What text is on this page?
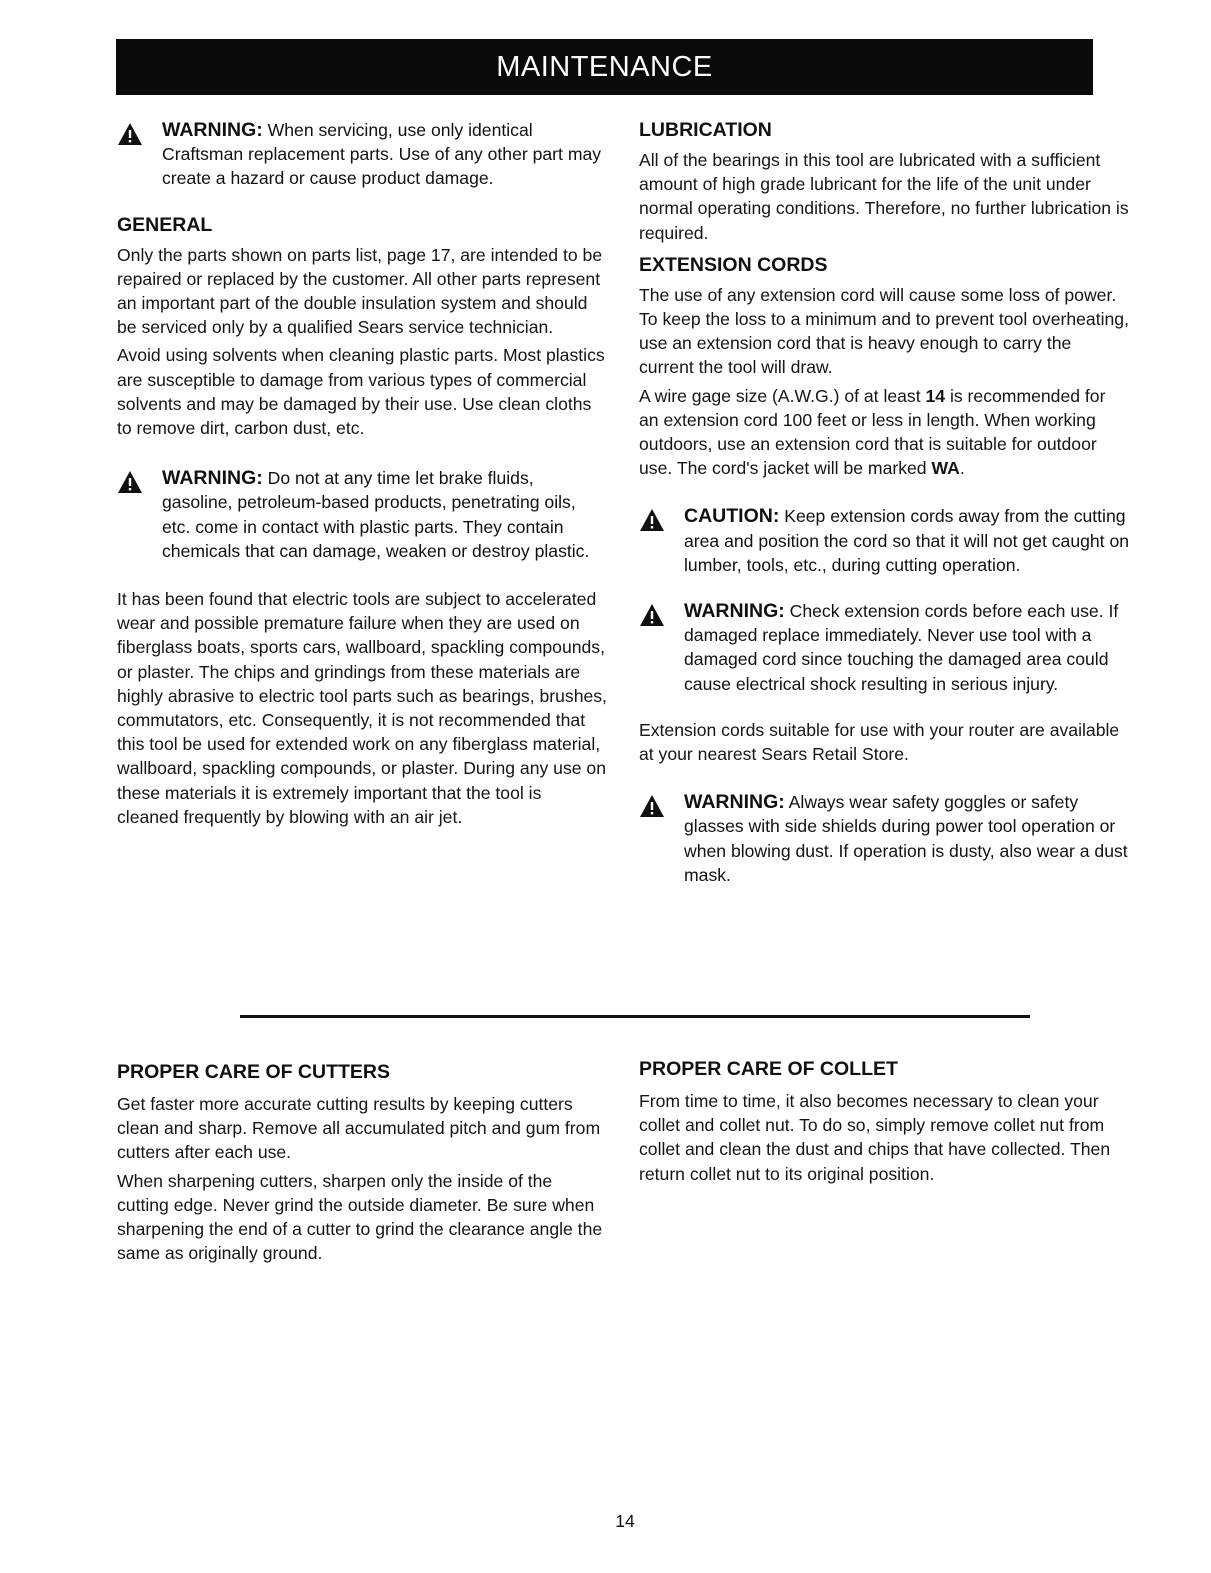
MAINTENANCE
WARNING: When servicing, use only identical Craftsman replacement parts. Use of any other part may create a hazard or cause product damage.
GENERAL

Only the parts shown on parts list, page 17, are intended to be repaired or replaced by the customer. All other parts represent an important part of the double insulation system and should be serviced only by a qualified Sears service technician.

Avoid using solvents when cleaning plastic parts. Most plastics are susceptible to damage from various types of commercial solvents and may be damaged by their use. Use clean cloths to remove dirt, carbon dust, etc.

WARNING: Do not at any time let brake fluids, gasoline, petroleum-based products, penetrating oils, etc. come in contact with plastic parts. They contain chemicals that can damage, weaken or destroy plastic.

It has been found that electric tools are subject to accelerated wear and possible premature failure when they are used on fiberglass boats, sports cars, wallboard, spackling compounds, or plaster. The chips and grindings from these materials are highly abrasive to electric tool parts such as bearings, brushes, commutators, etc. Consequently, it is not recommended that this tool be used for extended work on any fiberglass material, wallboard, spackling compounds, or plaster. During any use on these materials it is extremely important that the tool is cleaned frequently by blowing with an air jet.

LUBRICATION

All of the bearings in this tool are lubricated with a sufficient amount of high grade lubricant for the life of the unit under normal operating conditions. Therefore, no further lubrication is required.

EXTENSION CORDS

The use of any extension cord will cause some loss of power. To keep the loss to a minimum and to prevent tool overheating, use an extension cord that is heavy enough to carry the current the tool will draw.

A wire gage size (A.W.G.) of at least 14 is recommended for an extension cord 100 feet or less in length. When working outdoors, use an extension cord that is suitable for outdoor use. The cord's jacket will be marked WA.

CAUTION: Keep extension cords away from the cutting area and position the cord so that it will not get caught on lumber, tools, etc., during cutting operation.
WARNING: Check extension cords before each use. If damaged replace immediately. Never use tool with a damaged cord since touching the damaged area could cause electrical shock resulting in serious injury.

Extension cords suitable for use with your router are available at your nearest Sears Retail Store.

WARNING: Always wear safety goggles or safety glasses with side shields during power tool operation or when blowing dust. If operation is dusty, also wear a dust mask.
PROPER CARE OF CUTTERS

Get faster more accurate cutting results by keeping cutters clean and sharp. Remove all accumulated pitch and gum from cutters after each use.

When sharpening cutters, sharpen only the inside of the cutting edge. Never grind the outside diameter. Be sure when sharpening the end of a cutter to grind the clearance angle the same as originally ground.

PROPER CARE OF COLLET

From time to time, it also becomes necessary to clean your collet and collet nut. To do so, simply remove collet nut from collet and clean the dust and chips that have collected. Then return collet nut to its original position.

14
